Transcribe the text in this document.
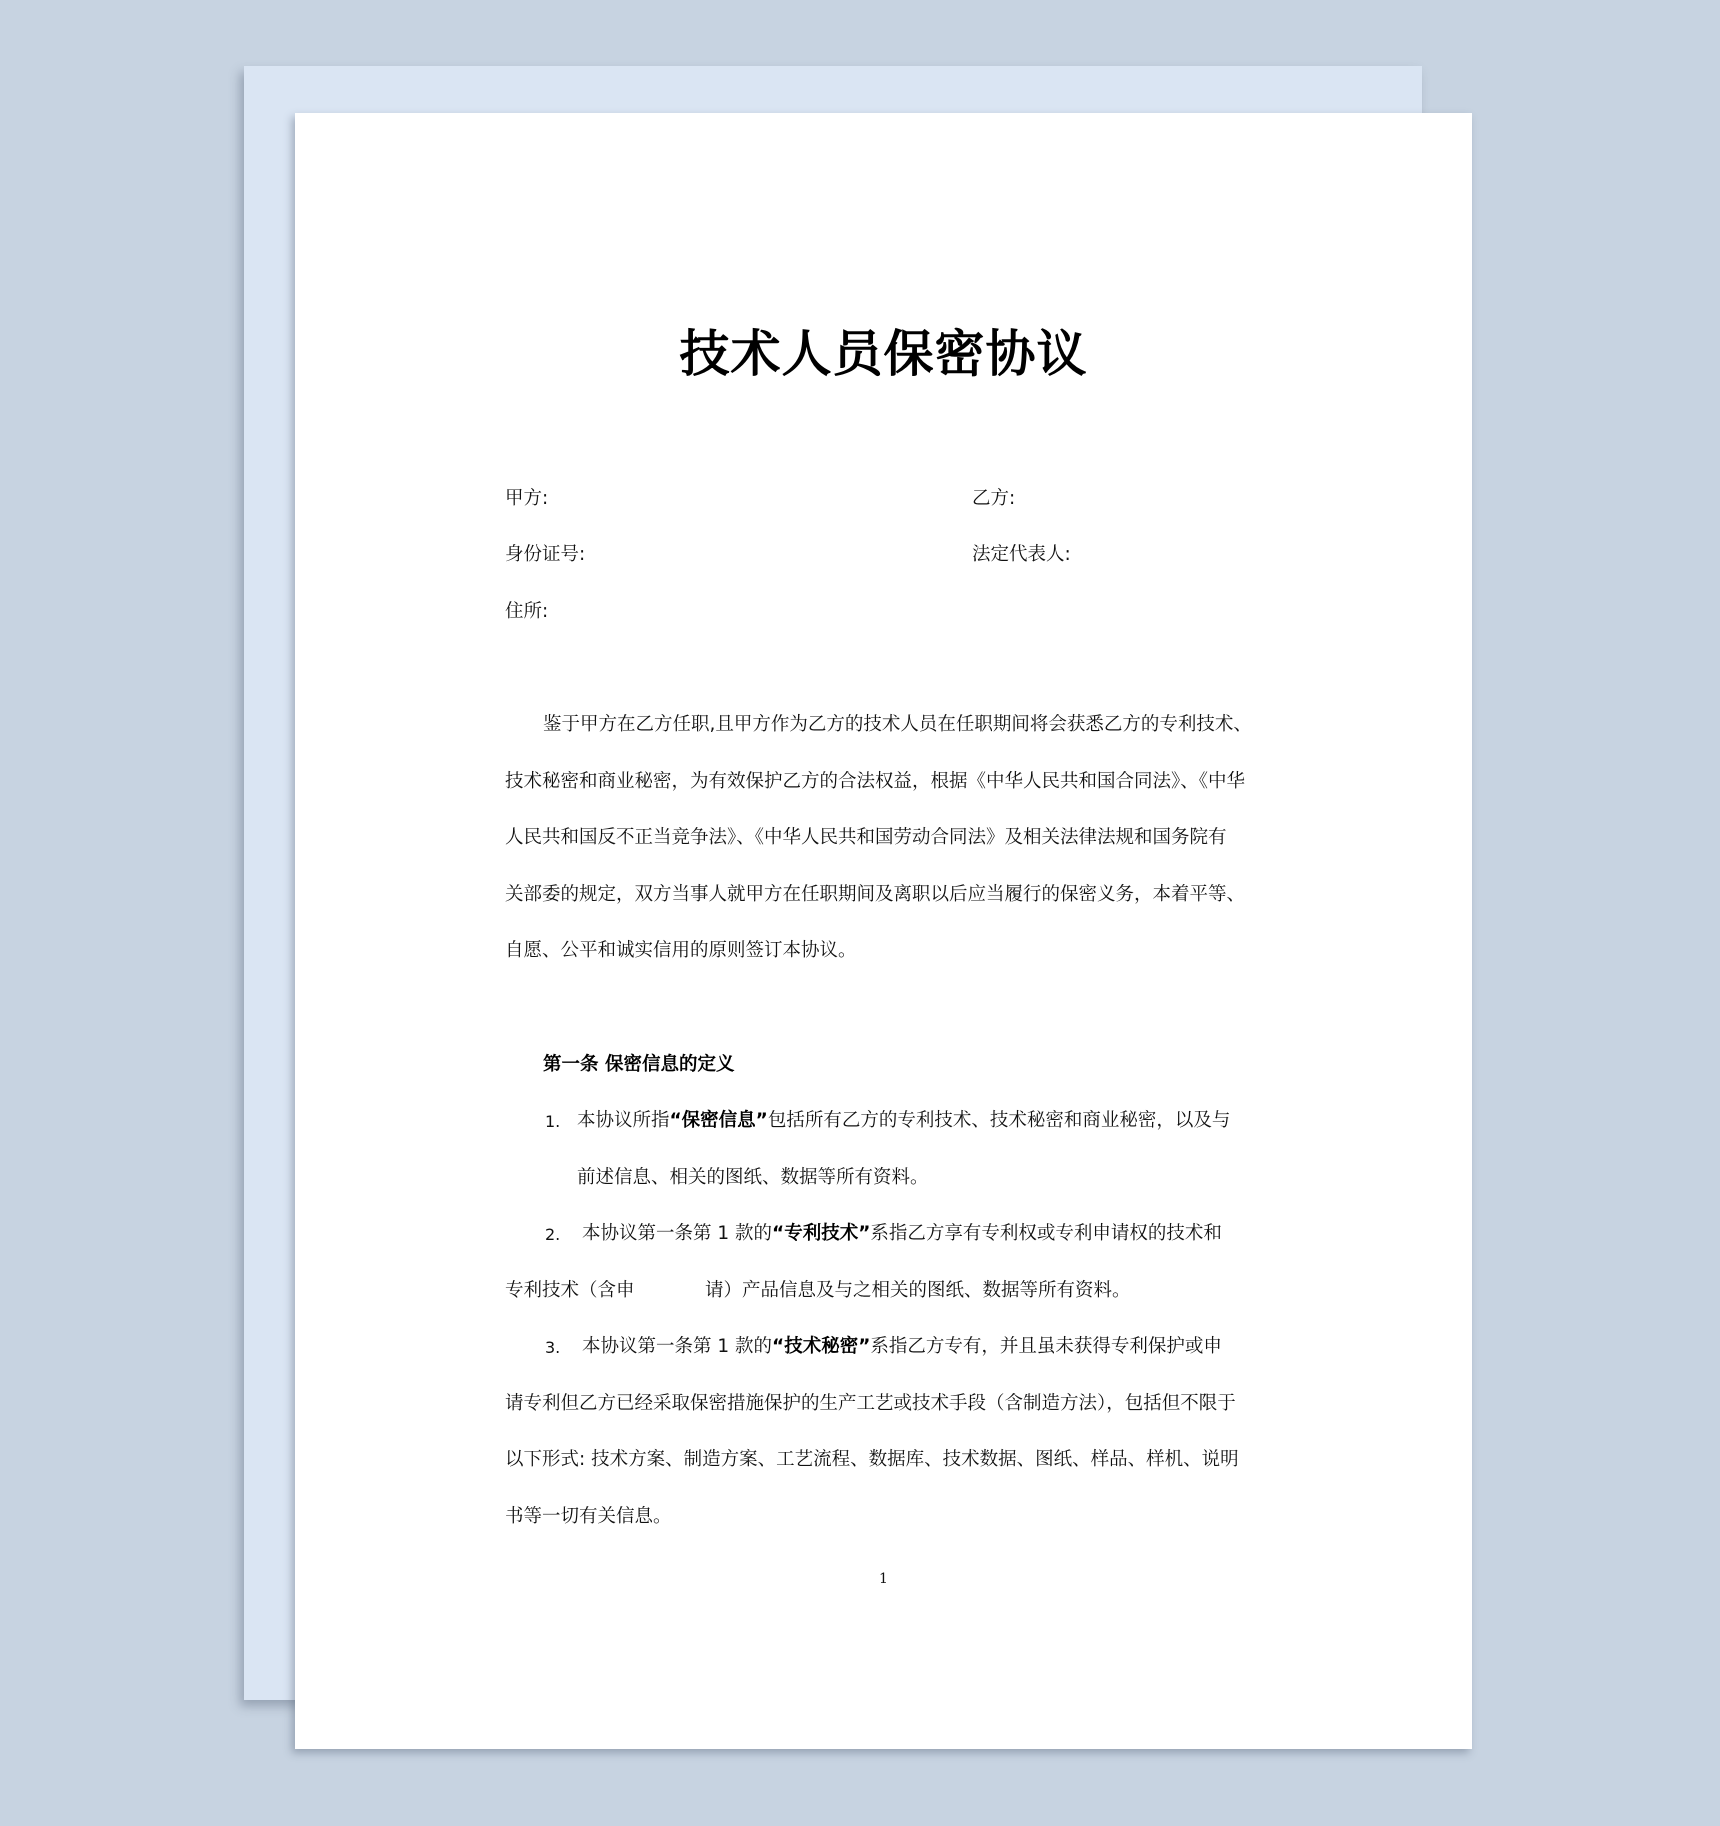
技术人员保密协议
甲方:	乙方:
身份证号:	法定代表人:
住所:
鉴于甲方在乙方任职,且甲方作为乙方的技术人员在任职期间将会获悉乙方的专利技术、
技术秘密和商业秘密，为有效保护乙方的合法权益，根据《中华人民共和国合同法》、《中华
人民共和国反不正当竞争法》、《中华人民共和国劳动合同法》及相关法律法规和国务院有
关部委的规定，双方当事人就甲方在任职期间及离职以后应当履行的保密义务，本着平等、
自愿、公平和诚实信用的原则签订本协议。
第一条 保密信息的定义
1. 本协议所指“保密信息”包括所有乙方的专利技术、技术秘密和商业秘密，以及与
前述信息、相关的图纸、数据等所有资料。
2. 本协议第一条第 1 款的“专利技术”系指乙方享有专利权或专利申请权的技术和
专利技术（含申	请）产品信息及与之相关的图纸、数据等所有资料。
3. 本协议第一条第 1 款的“技术秘密”系指乙方专有，并且虽未获得专利保护或申
请专利但乙方已经采取保密措施保护的生产工艺或技术手段（含制造方法），包括但不限于
以下形式: 技术方案、制造方案、工艺流程、数据库、技术数据、图纸、样品、样机、说明
书等一切有关信息。
1
